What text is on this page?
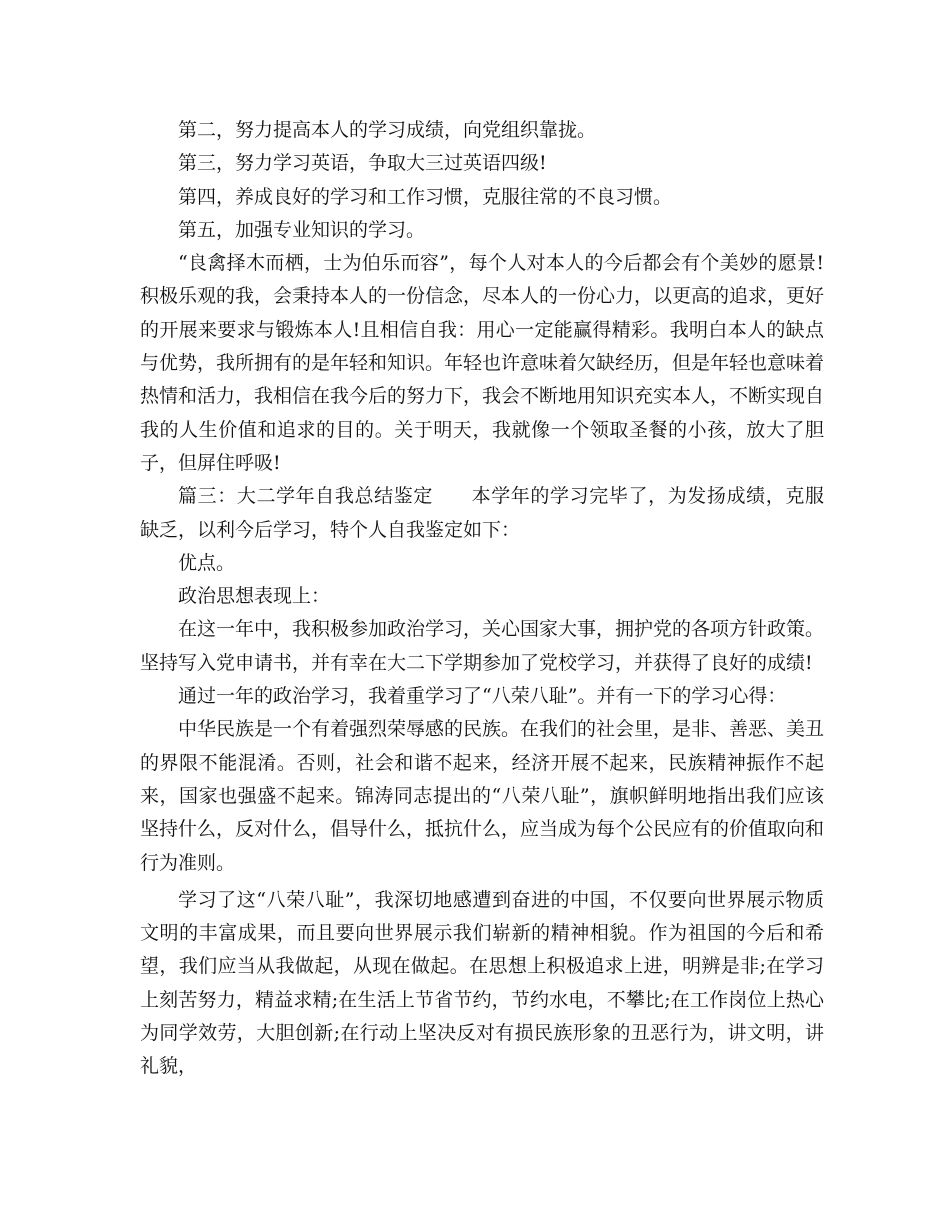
第二，努力提高本人的学习成绩，向党组织靠拢。

第三，努力学习英语，争取大三过英语四级!

第四，养成良好的学习和工作习惯，克服往常的不良习惯。

第五，加强专业知识的学习。

“良禽择木而栖，士为伯乐而容”，每个人对本人的今后都会有个美妙的愿景!积极乐观的我，会秉持本人的一份信念，尽本人的一份心力，以更高的追求，更好的开展来要求与锻炼本人!且相信自我：用心一定能赢得精彩。我明白本人的缺点与优势，我所拥有的是年轻和知识。年轻也许意味着欠缺经历，但是年轻也意味着热情和活力，我相信在我今后的努力下，我会不断地用知识充实本人，不断实现自我的人生价值和追求的目的。关于明天，我就像一个领取圣餐的小孩，放大了胆子，但屏住呼吸!

篇三：大二学年自我总结鉴定 本学年的学习完毕了，为发扬成绩，克服缺乏，以利今后学习，特个人自我鉴定如下：

优点。

政治思想表现上：

在这一年中，我积极参加政治学习，关心国家大事，拥护党的各项方针政策。坚持写入党申请书，并有幸在大二下学期参加了党校学习，并获得了良好的成绩!

通过一年的政治学习，我着重学习了“八荣八耻”。并有一下的学习心得：

中华民族是一个有着强烈荣辱感的民族。在我们的社会里，是非、善恶、美丑的界限不能混淆。否则，社会和谐不起来，经济开展不起来，民族精神振作不起来，国家也强盛不起来。锦涛同志提出的“八荣八耻”，旗帜鲜明地指出我们应该坚持什么，反对什么，倡导什么，抵抗什么，应当成为每个公民应有的价值取向和行为准则。

学习了这“八荣八耻”，我深切地感遭到奋进的中国，不仅要向世界展示物质文明的丰富成果，而且要向世界展示我们崭新的精神相貌。作为祖国的今后和希望，我们应当从我做起，从现在做起。在思想上积极追求上进，明辨是非;在学习上刻苦努力，精益求精;在生活上节省节约，节约水电，不攀比;在工作岗位上热心为同学效劳，大胆创新;在行动上坚决反对有损民族形象的丑恶行为，讲文明，讲礼貌，
